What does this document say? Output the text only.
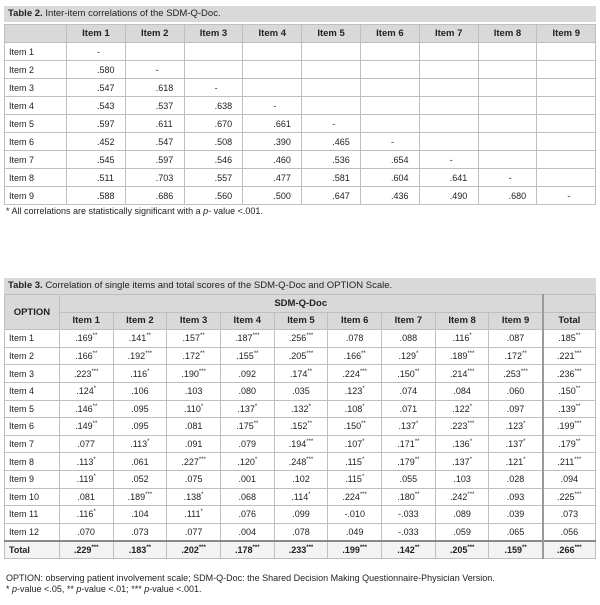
Table 2. Inter-item correlations of the SDM-Q-Doc.
	Item 1	Item 2	Item 3	Item 4	Item 5	Item 6	Item 7	Item 8	Item 9
Item 1	-								
Item 2	.580	-							
Item 3	.547	.618	-						
Item 4	.543	.537	.638	-					
Item 5	.597	.611	.670	.661	-				
Item 6	.452	.547	.508	.390	.465	-			
Item 7	.545	.597	.546	.460	.536	.654	-		
Item 8	.511	.703	.557	.477	.581	.604	.641	-	
Item 9	.588	.686	.560	.500	.647	.436	.490	.680	-
* All correlations are statistically significant with a p- value <.001.
Table 3. Correlation of single items and total scores of the SDM-Q-Doc and OPTION Scale.
OPTION	SDM-Q-Doc									
	Item 1	Item 2	Item 3	Item 4	Item 5	Item 6	Item 7	Item 8	Item 9	Total
Item 1	.169**	.141**	.157**	.187***	.256***	.078	.088	.116*	.087	.185**
Item 2	.166**	.192***	.172**	.155**	.205***	.166**	.129*	.189***	.172**	.221***
Item 3	.223***	.116*	.190***	.092	.174**	.224***	.150**	.214***	.253***	.236***
Item 4	.124*	.106	.103	.080	.035	.123*	.074	.084	.060	.150**
Item 5	.146**	.095	.110*	.137*	.132*	.108*	.071	.122*	.097	.139**
Item 6	.149**	.095	.081	.175**	.152**	.150**	.137*	.223***	.123*	.199***
Item 7	.077	.113*	.091	.079	.194***	.107*	.171**	.136*	.137*	.179**
Item 8	.113*	.061	.227***	.120*	.248***	.115*	.179**	.137*	.121*	.211***
Item 9	.119*	.052	.075	.001	.102	.115*	.055	.103	.028	.094
Item 10	.081	.189***	.138*	.068	.114*	.224***	.180**	.242***	.093	.225***
Item 11	.116*	.104	.111*	.076	.099	-.010	-.033	.089	.039	.073
Item 12	.070	.073	.077	.004	.078	.049	-.033	.059	.065	.056
Total	.229***	.183**	.202***	.178***	.233***	.199***	.142**	.205***	.159**	.266***
OPTION: observing patient involvement scale; SDM-Q-Doc: the Shared Decision Making Questionnaire-Physician Version.
* p-value <.05, ** p-value <.01; *** p-value <.001.
